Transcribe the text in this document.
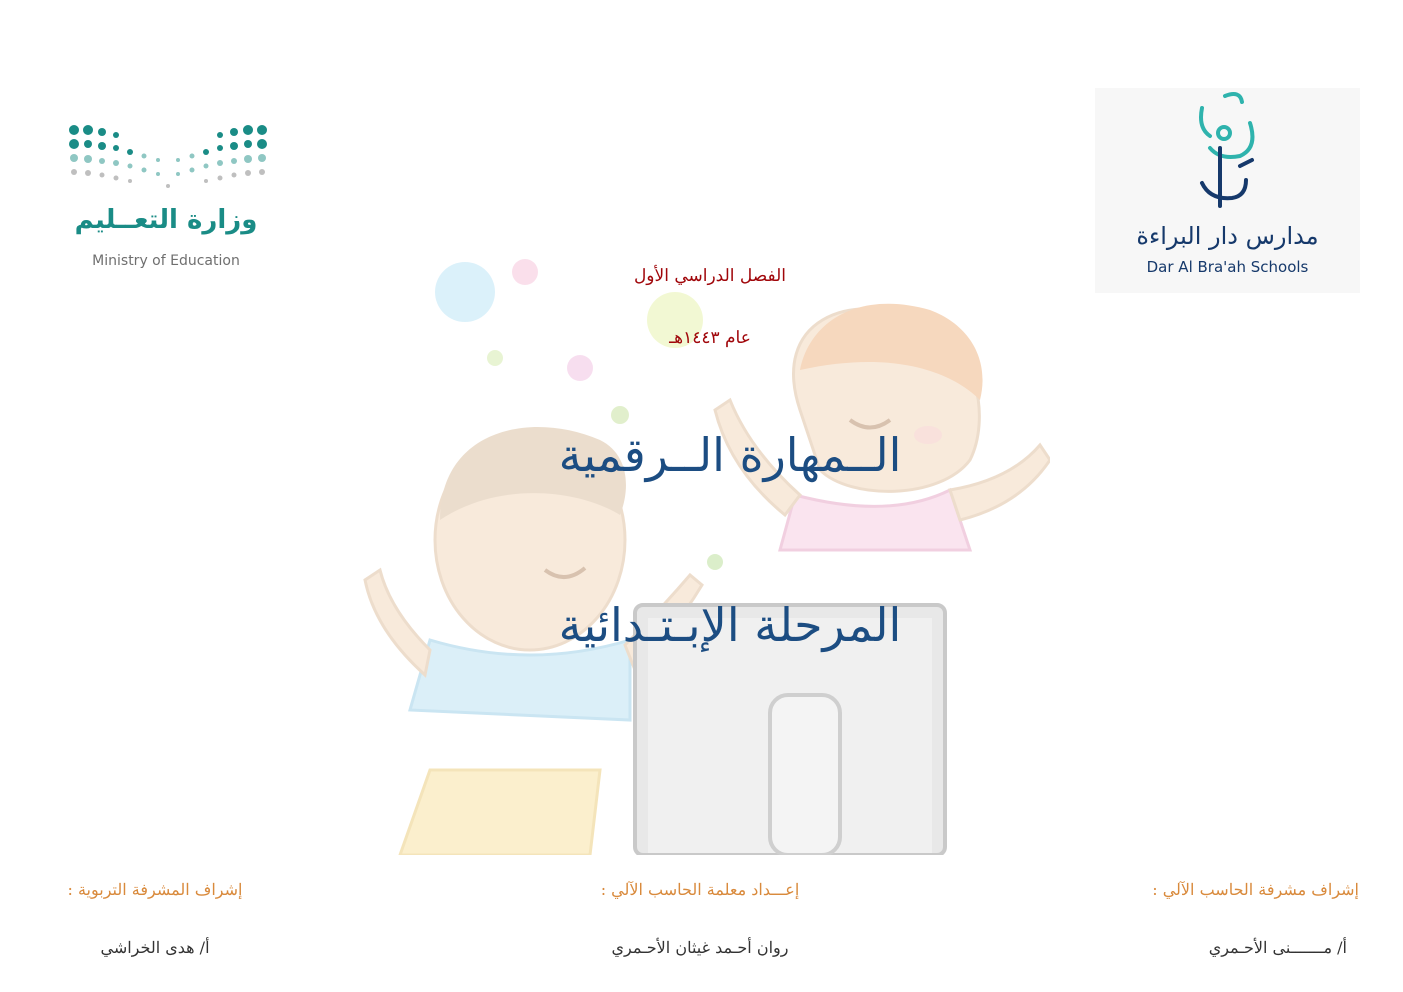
وزارة التعــليم
Ministry of Education
مدارس دار البراءة
Dar Al Bra'ah Schools
الفصل الدراسي الأول
عام ١٤٤٣هـ
الــمهارة الــرقمية
المرحلة الإبـتـدائية
إشراف مشرفة الحاسب الآلي :
أ/ مـــــــنى الأحـمري
إعـــداد معلمة الحاسب الآلي :
روان أحـمد غيثان الأحـمري
إشراف المشرفة التربوية :
أ/ هدى الخراشي
